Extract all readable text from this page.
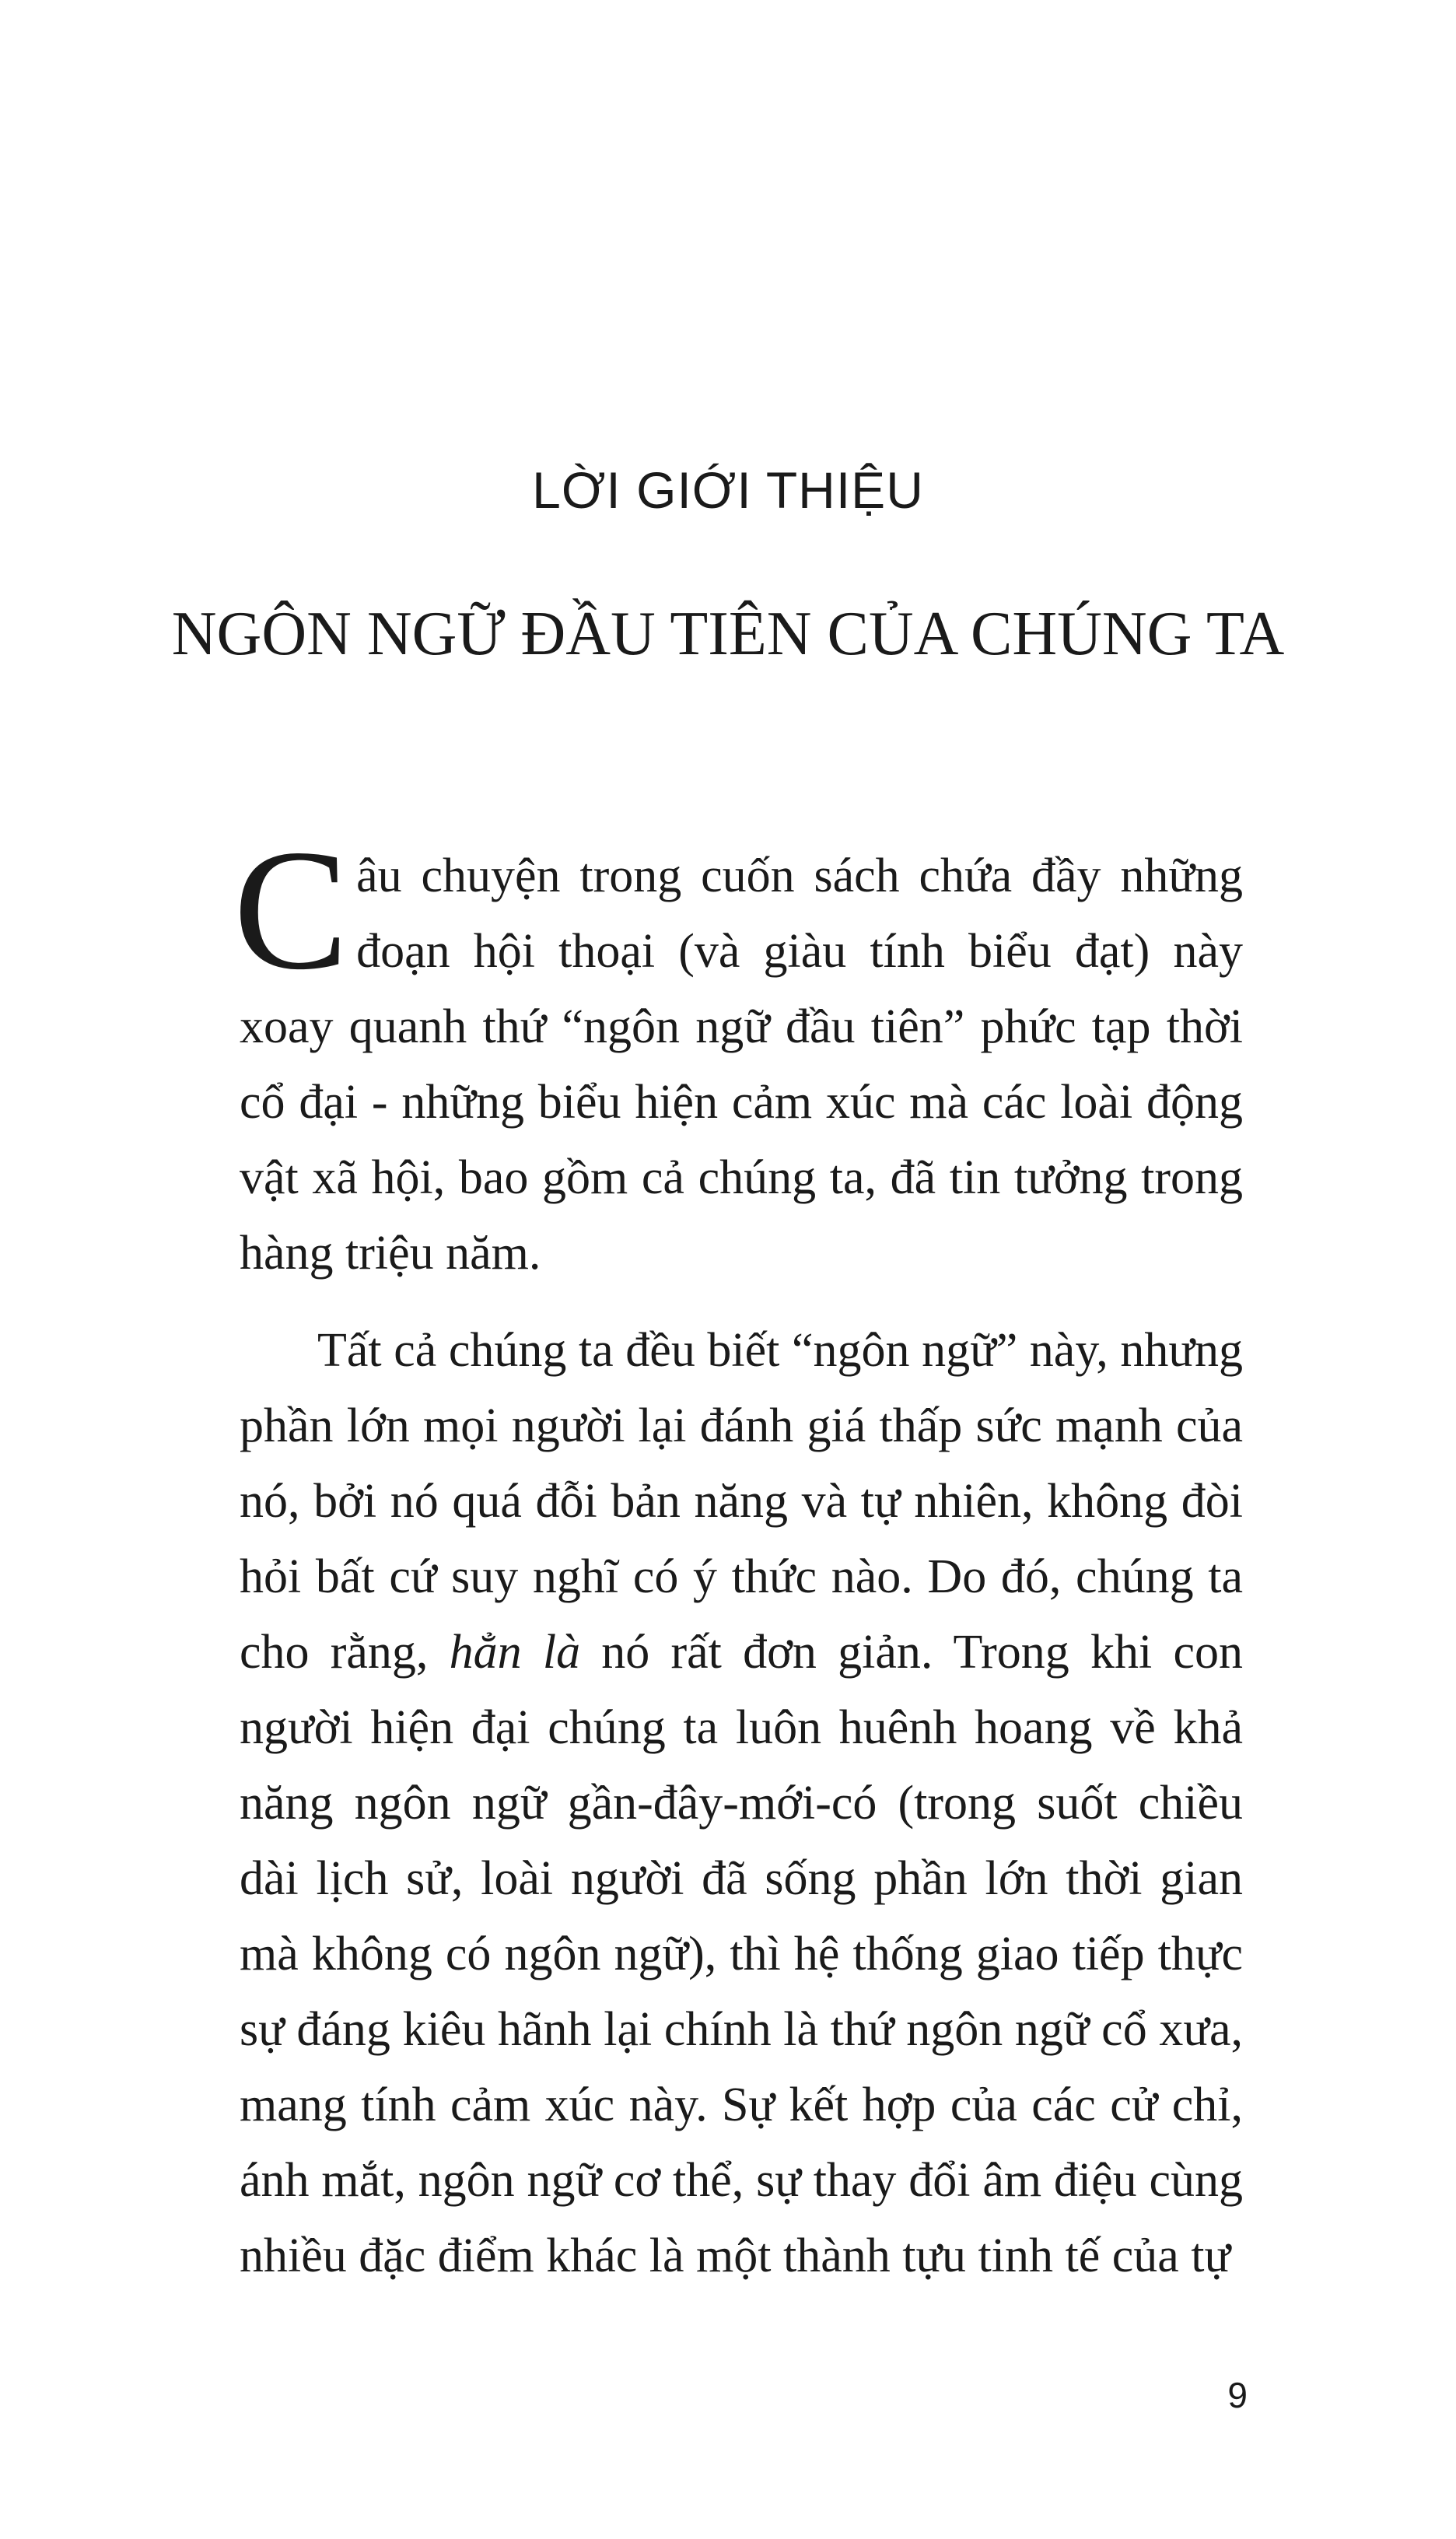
LỜI GIỚI THIỆU
NGÔN NGỮ ĐẦU TIÊN CỦA CHÚNG TA

Câu chuyện trong cuốn sách chứa đầy những đoạn hội thoại (và giàu tính biểu đạt) này xoay quanh thứ “ngôn ngữ đầu tiên” phức tạp thời cổ đại - những biểu hiện cảm xúc mà các loài động vật xã hội, bao gồm cả chúng ta, đã tin tưởng trong hàng triệu năm.

Tất cả chúng ta đều biết “ngôn ngữ” này, nhưng phần lớn mọi người lại đánh giá thấp sức mạnh của nó, bởi nó quá đỗi bản năng và tự nhiên, không đòi hỏi bất cứ suy nghĩ có ý thức nào. Do đó, chúng ta cho rằng, hẳn là nó rất đơn giản. Trong khi con người hiện đại chúng ta luôn huênh hoang về khả năng ngôn ngữ gần-đây-mới-có (trong suốt chiều dài lịch sử, loài người đã sống phần lớn thời gian mà không có ngôn ngữ), thì hệ thống giao tiếp thực sự đáng kiêu hãnh lại chính là thứ ngôn ngữ cổ xưa, mang tính cảm xúc này. Sự kết hợp của các cử chỉ, ánh mắt, ngôn ngữ cơ thể, sự thay đổi âm điệu cùng nhiều đặc điểm khác là một thành tựu tinh tế của tự

9
